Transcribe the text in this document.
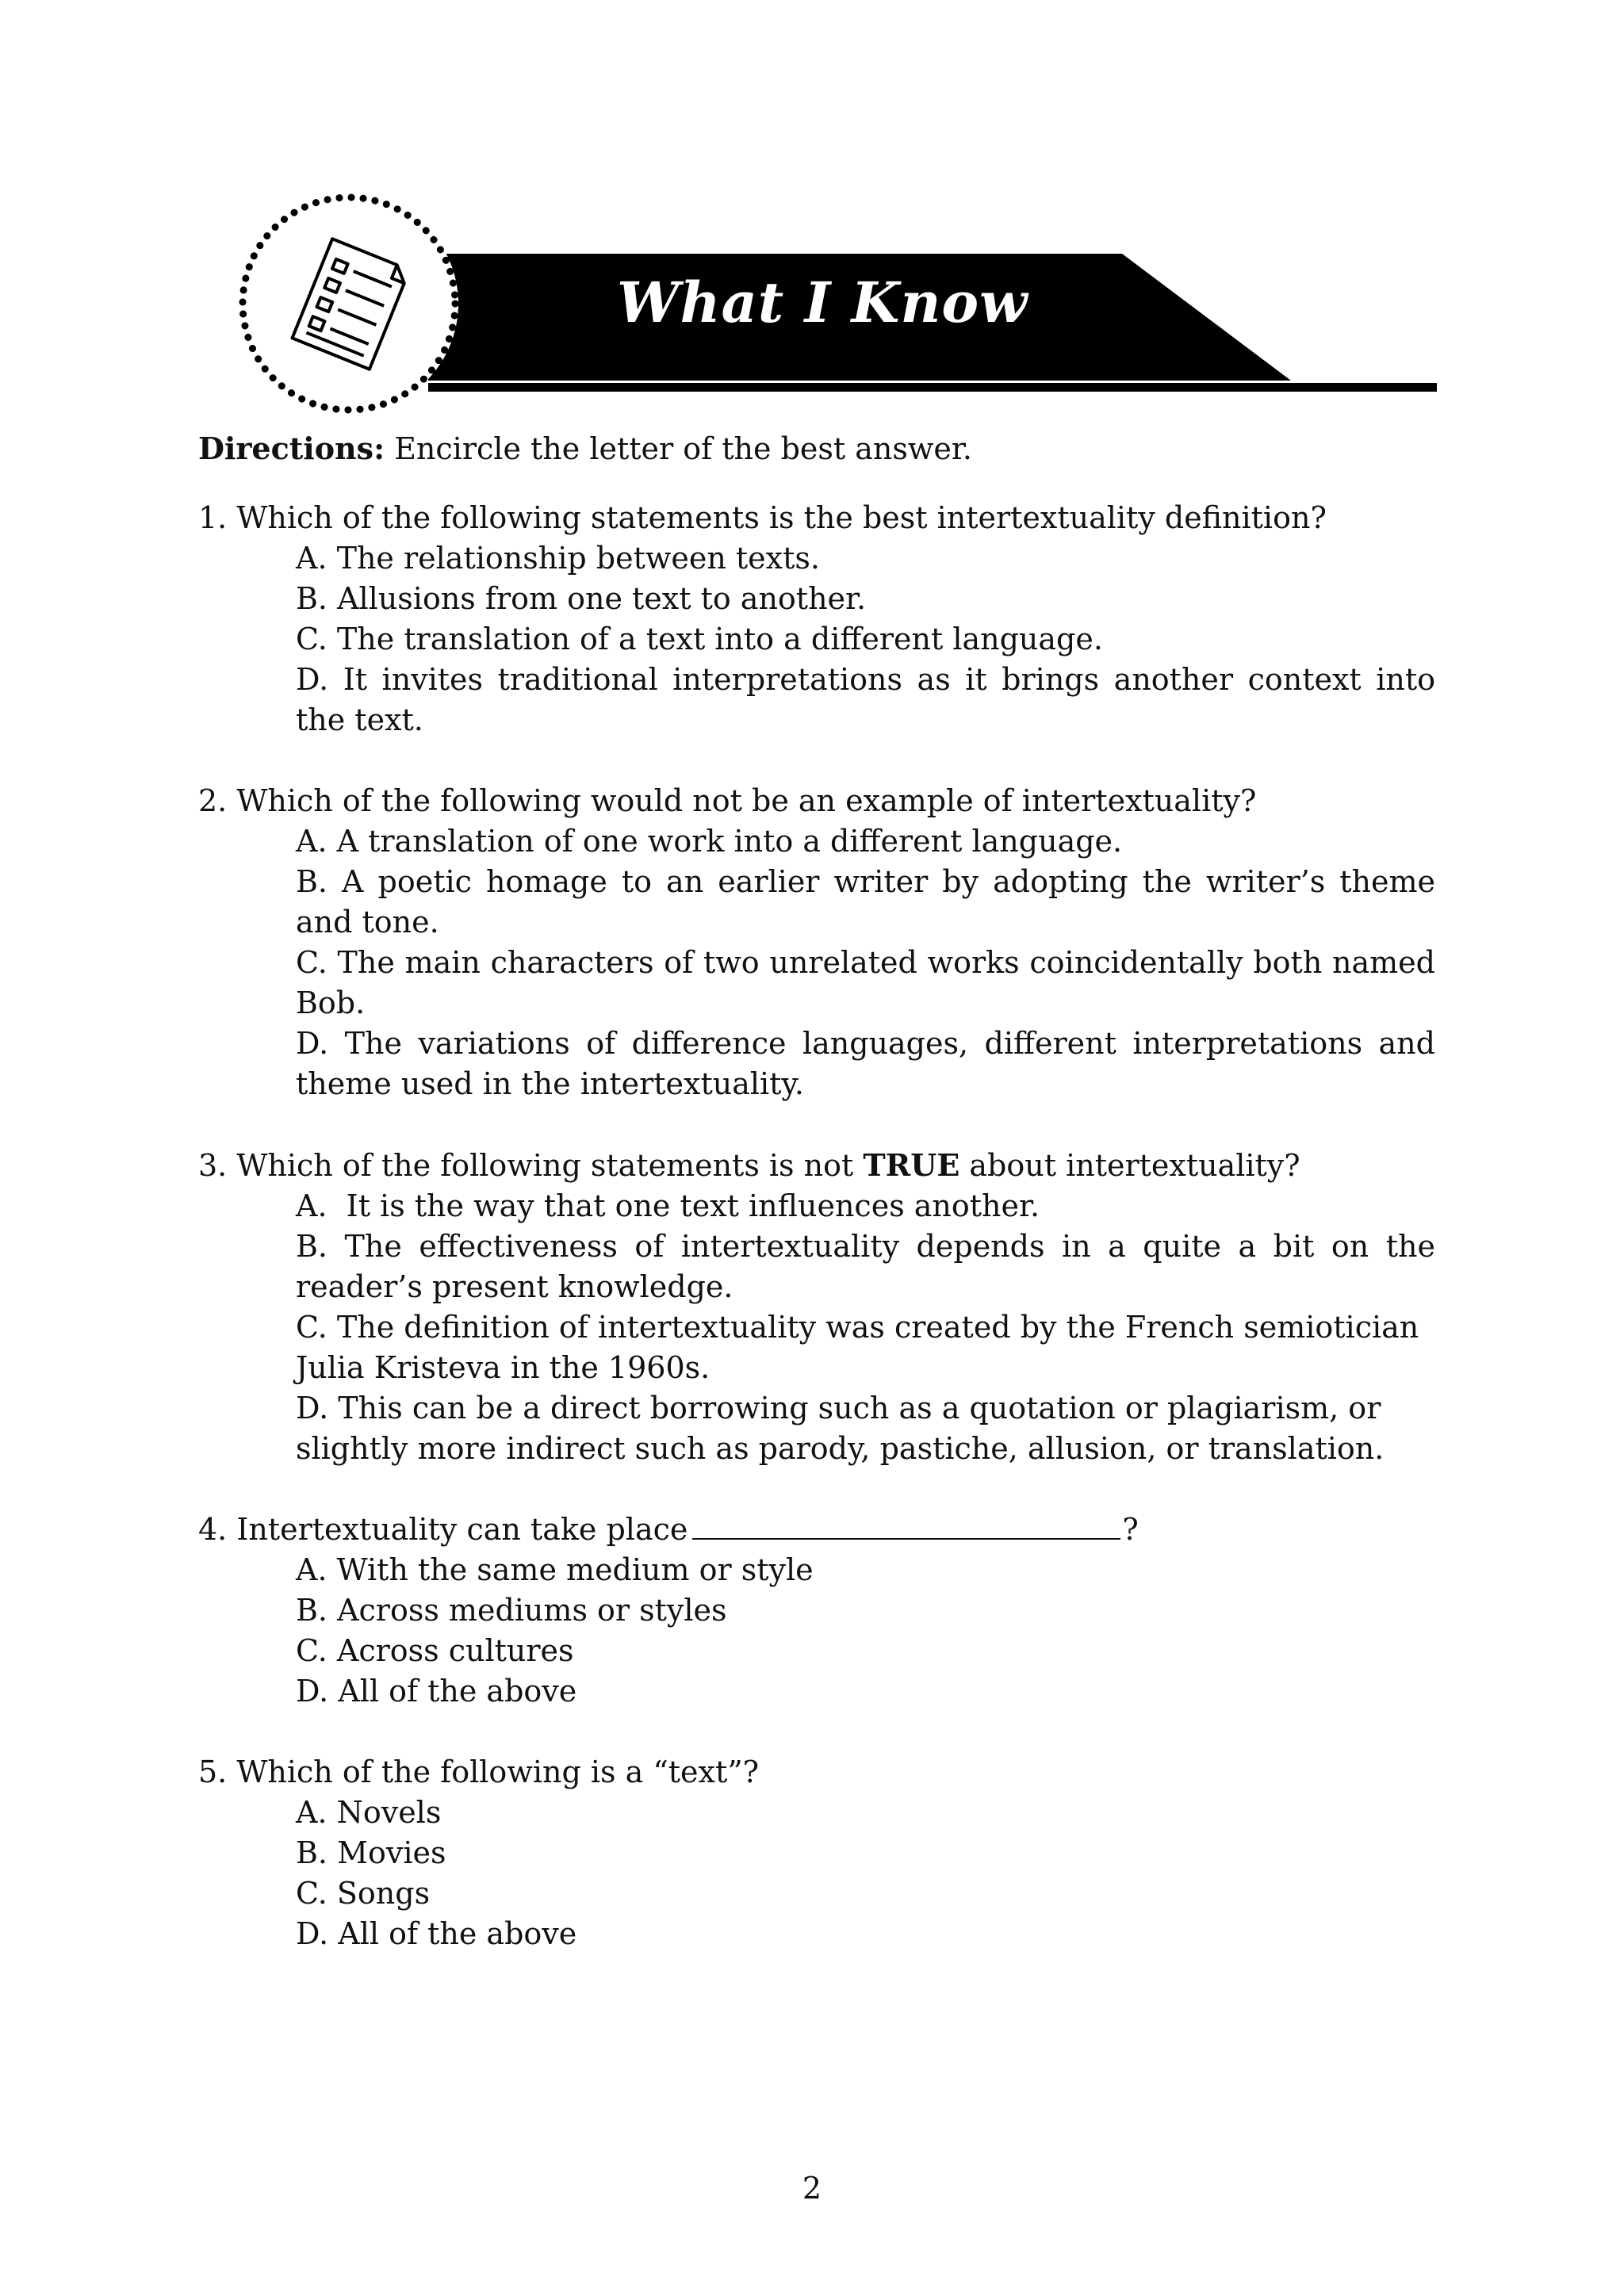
What I Know

Directions: Encircle the letter of the best answer.

1. Which of the following statements is the best intertextuality definition?

A. The relationship between texts.
B. Allusions from one text to another.
C. The translation of a text into a different language.
D. It invites traditional interpretations as it brings another context into the text.

2. Which of the following would not be an example of intertextuality?

A. A translation of one work into a different language.
B. A poetic homage to an earlier writer by adopting the writer’s theme and tone.
C. The main characters of two unrelated works coincidentally both named Bob.
D. The variations of difference languages, different interpretations and theme used in the intertextuality.

3. Which of the following statements is not TRUE about intertextuality?

A.  It is the way that one text influences another.
B. The effectiveness of intertextuality depends in a quite a bit on the reader’s present knowledge.
C. The definition of intertextuality was created by the French semiotician Julia Kristeva in the 1960s.
D. This can be a direct borrowing such as a quotation or plagiarism, or slightly more indirect such as parody, pastiche, allusion, or translation.

4. Intertextuality can take place	?

A. With the same medium or style
B. Across mediums or styles
C. Across cultures
D. All of the above

5. Which of the following is a “text”?

A. Novels
B. Movies
C. Songs
D. All of the above
2
